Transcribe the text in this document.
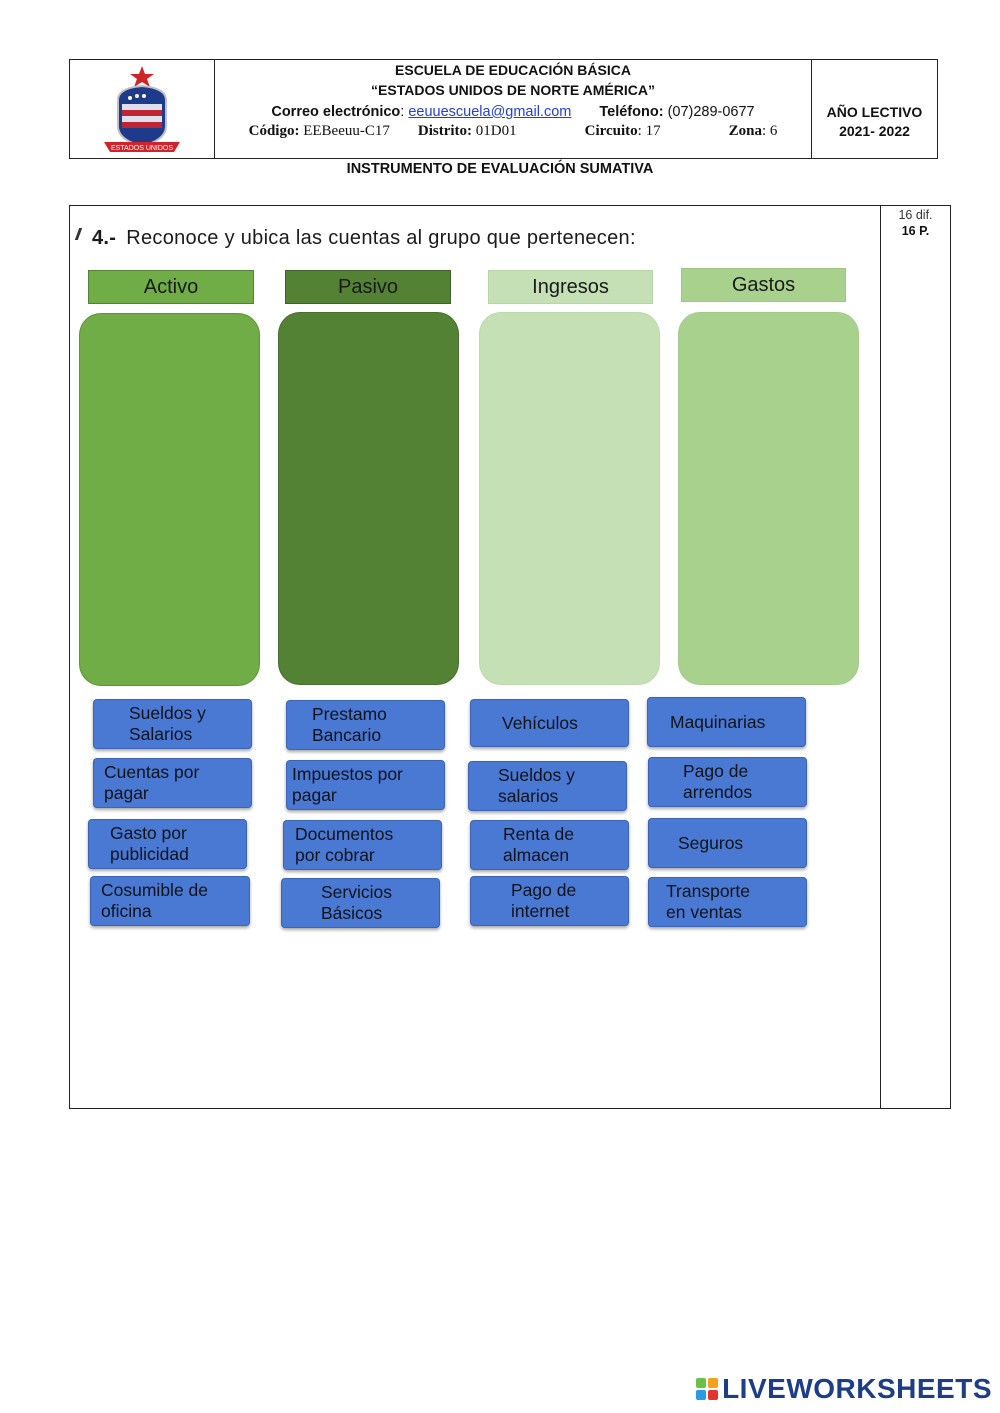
ESTADOS UNIDOS
ESCUELA DE EDUCACIÓN BÁSICA
“ESTADOS UNIDOS DE NORTE AMÉRICA”
Correo electrónico: eeuuescuela@gmail.com Teléfono: (07)289-0677
Código: EEBeeuu-C17 Distrito: 01D01	Circuito: 17	Zona: 6
AÑO LECTIVO
2021- 2022
INSTRUMENTO DE EVALUACIÓN SUMATIVA
16 dif.
16 P.
4.- Reconoce y ubica las cuentas al grupo que pertenecen:
Activo	Pasivo	Ingresos	Gastos
Sueldos y
Salarios
Prestamo
Bancario
Vehículos	Maquinarias
Cuentas por
pagar
Impuestos por
pagar
Sueldos y
salarios
Pago de
arrendos
Gasto por
publicidad
Documentos
por cobrar
Renta de
almacen
Seguros
Cosumible de
oficina
Servicios
Básicos
Pago de
internet
Transporte
en ventas
LIVEWORKSHEETS
